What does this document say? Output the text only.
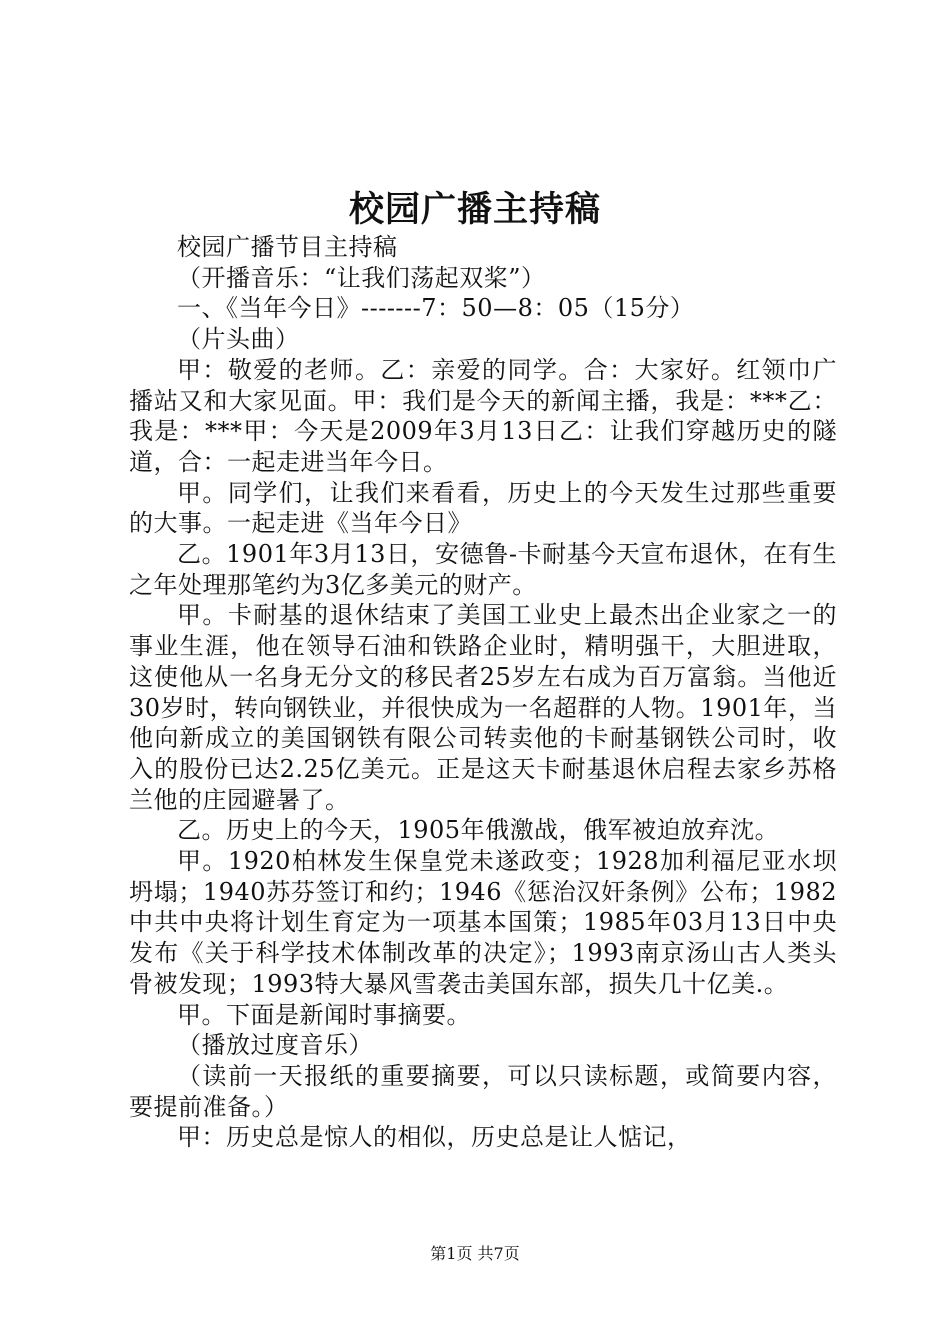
校园广播主持稿

校园广播节目主持稿

（开播音乐：“让我们荡起双桨”）

一、《当年今日》-------7：50—8：05（15分）

（片头曲）

甲：敬爱的老师。乙：亲爱的同学。合：大家好。红领巾广播站又和大家见面。甲：我们是今天的新闻主播，我是：***乙：我是：***甲：今天是2009年3月13日乙：让我们穿越历史的隧道，合：一起走进当年今日。

甲。同学们，让我们来看看，历史上的今天发生过那些重要的大事。一起走进《当年今日》

乙。1901年3月13日，安德鲁-卡耐基今天宣布退休，在有生之年处理那笔约为3亿多美元的财产。

甲。卡耐基的退休结束了美国工业史上最杰出企业家之一的事业生涯，他在领导石油和铁路企业时，精明强干，大胆进取，这使他从一名身无分文的移民者25岁左右成为百万富翁。当他近30岁时，转向钢铁业，并很快成为一名超群的人物。1901年，当他向新成立的美国钢铁有限公司转卖他的卡耐基钢铁公司时，收入的股份已达2.25亿美元。正是这天卡耐基退休启程去家乡苏格兰他的庄园避暑了。

乙。历史上的今天，1905年俄激战，俄军被迫放弃沈。

甲。1920柏林发生保皇党未遂政变；1928加利福尼亚水坝坍塌；1940苏芬签订和约；1946《惩治汉奸条例》公布；1982中共中央将计划生育定为一项基本国策；1985年03月13日中央发布《关于科学技术体制改革的决定》；1993南京汤山古人类头骨被发现；1993特大暴风雪袭击美国东部，损失几十亿美.。

甲。下面是新闻时事摘要。

（播放过度音乐）

（读前一天报纸的重要摘要，可以只读标题，或简要内容，要提前准备。）

甲：历史总是惊人的相似，历史总是让人惦记，

第1页 共7页
